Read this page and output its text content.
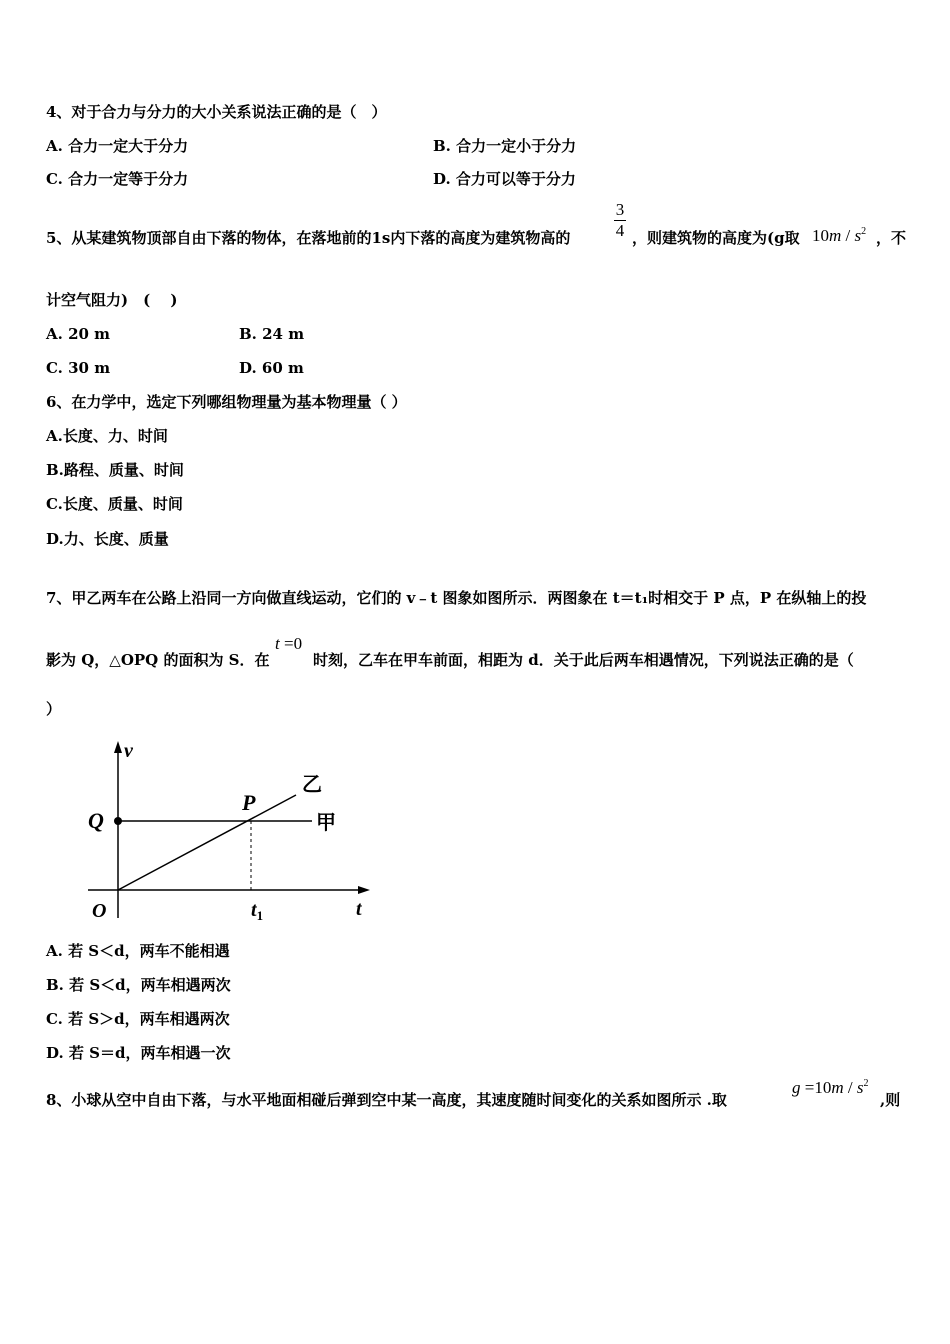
4、对于合力与分力的大小关系说法正确的是（　）
A. 合力一定大于分力	B. 合力一定小于分力
C. 合力一定等于分力	D. 合力可以等于分力
5、从某建筑物顶部自由下落的物体，在落地前的1s内下落的高度为建筑物高的
3
4 ，则建筑物的高度为(g取 $10m / s^2$ ，不
计空气阻力)　(　 )
A. 20 m	B. 24 m
C. 30 m	D. 60 m
6、在力学中，选定下列哪组物理量为基本物理量（ ）
A.长度、力、时间
B.路程、质量、时间
C.长度、质量、时间
D.力、长度、质量
7、甲乙两车在公路上沿同一方向做直线运动，它们的 v﹣t 图象如图所示．两图象在 t＝t₁时相交于 P 点，P 在纵轴上的投
影为 Q，△OPQ 的面积为 S．在
t =0
时刻，乙车在甲车前面，相距为 d．关于此后两车相遇情况，下列说法正确的是（
）
v
t
O
Q
P
$t_1$
甲
乙
A. 若 S＜d，两车不能相遇
B. 若 S＜d，两车相遇两次
C. 若 S＞d，两车相遇两次
D. 若 S＝d，两车相遇一次
8、小球从空中自由下落，与水平地面相碰后弹到空中某一高度，其速度随时间变化的关系如图所示 .取
$g =10m / s^2$
,则
